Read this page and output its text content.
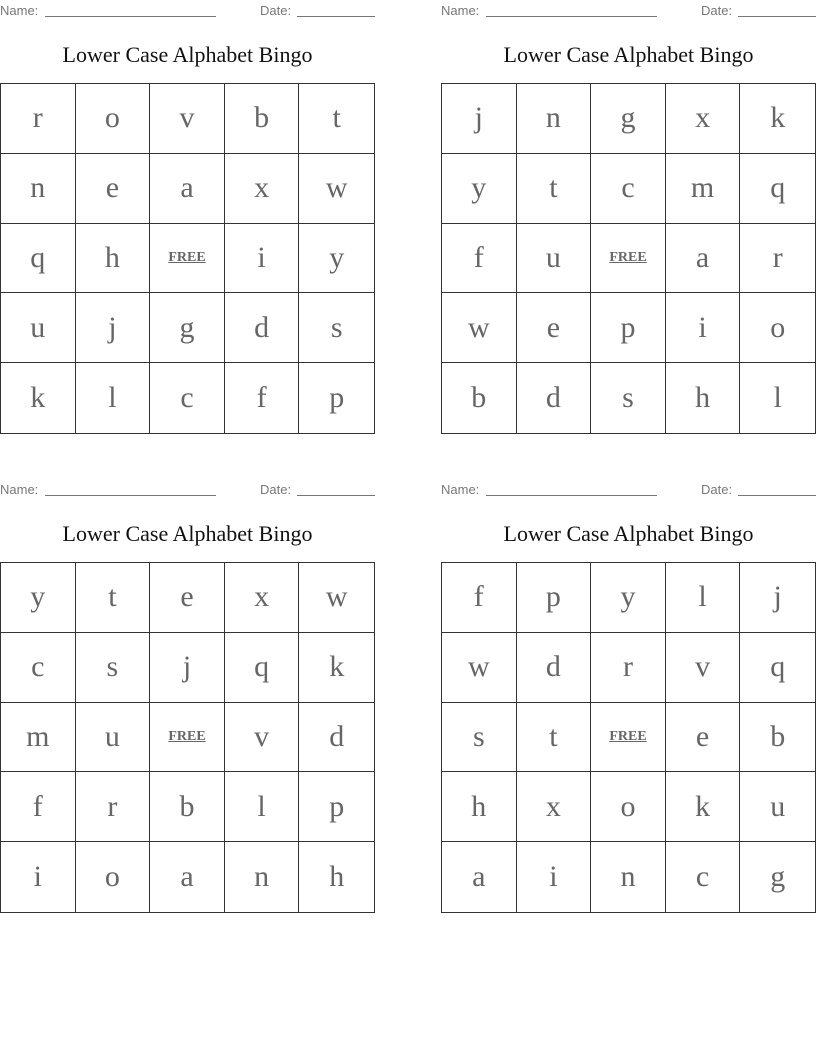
Name:	Date:
Lower Case Alphabet Bingo
r	o	v	b	t
n	e	a	x	w
q	h	FREE	i	y
u	j	g	d	s
k	l	c	f	p
Name:	Date:
Lower Case Alphabet Bingo
j	n	g	x	k
y	t	c	m	q
f	u	FREE	a	r
w	e	p	i	o
b	d	s	h	l
Name:	Date:
Lower Case Alphabet Bingo
y	t	e	x	w
c	s	j	q	k
m	u	FREE	v	d
f	r	b	l	p
i	o	a	n	h
Name:	Date:
Lower Case Alphabet Bingo
f	p	y	l	j
w	d	r	v	q
s	t	FREE	e	b
h	x	o	k	u
a	i	n	c	g
